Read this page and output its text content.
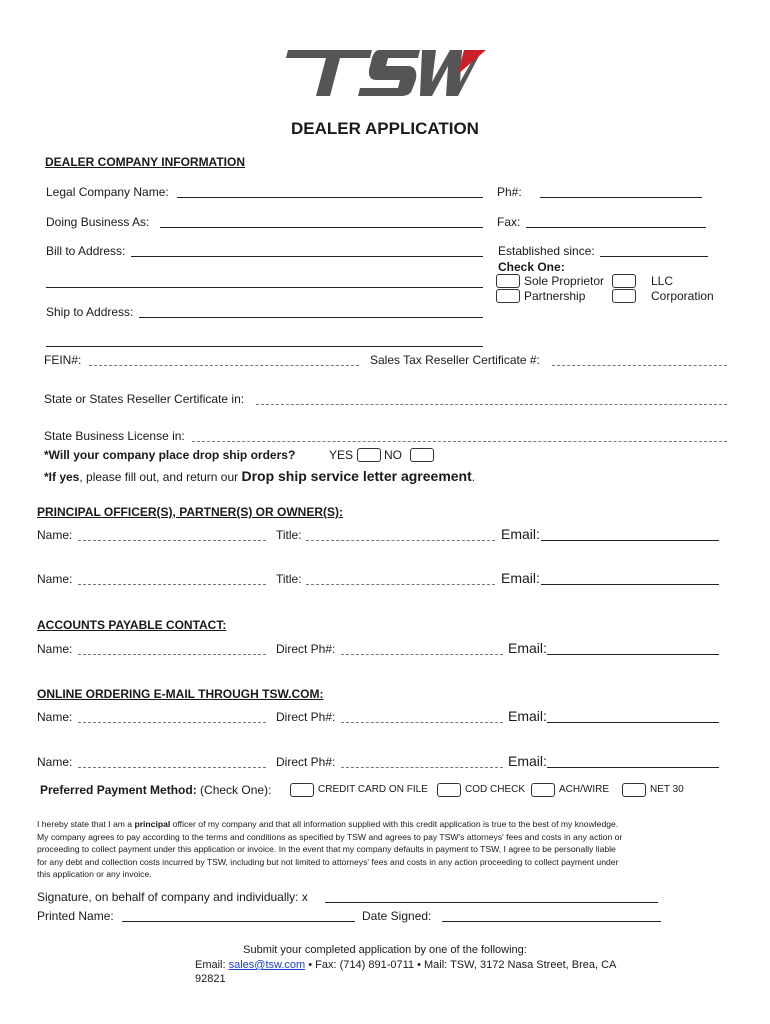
DEALER APPLICATION
DEALER COMPANY INFORMATION
Legal Company Name:	Ph#:
Doing Business As:	Fax:
Bill to Address:	Established since:
Check One:
Sole Proprietor	LLC
Partnership	Corporation
Ship to Address:
FEIN#:	Sales Tax Reseller Certificate #:
State or States Reseller Certificate in:
State Business License in:
*Will your company place drop ship orders?	YES	NO
*If yes, please fill out, and return our Drop ship service letter agreement.
PRINCIPAL OFFICER(S), PARTNER(S) OR OWNER(S):
Name:	Title:	Email:
Name:	Title:	Email:
ACCOUNTS PAYABLE CONTACT:
Name:	Direct Ph#:	Email:
ONLINE ORDERING E-MAIL THROUGH TSW.COM:
Name:	Direct Ph#:	Email:
Name:	Direct Ph#:	Email:
Preferred Payment Method: (Check One):	CREDIT CARD ON FILE	COD CHECK	ACH/WIRE	NET 30
I hereby state that I am a principal officer of my company and that all information supplied with this credit application is true to the best of my knowledge.
My company agrees to pay according to the terms and conditions as specified by TSW and agrees to pay TSW's attorneys' fees and costs in any action or
proceeding to collect payment under this application or invoice. In the event that my company defaults in payment to TSW, I agree to be personally liable
for any debt and collection costs incurred by TSW, including but not limited to attorneys' fees and costs in any action proceeding to collect payment under
this application or any invoice.
Signature, on behalf of company and individually: x
Printed Name:	Date Signed:
Submit your completed application by one of the following:
Email: sales@tsw.com • Fax: (714) 891-0711 • Mail: TSW, 3172 Nasa Street, Brea, CA
92821
